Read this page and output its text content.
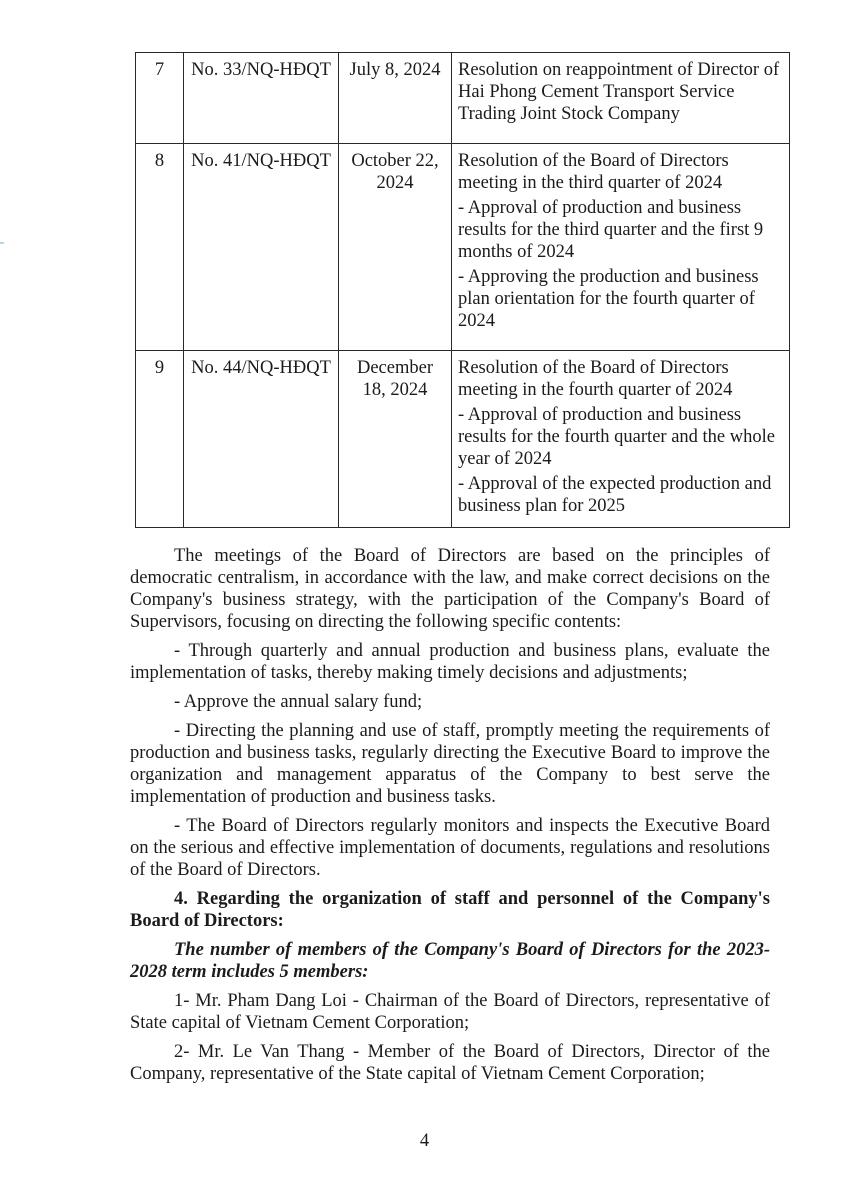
7	No. 33/NQ-HĐQT	July 8, 2024	Resolution on reappointment of Director of Hai Phong Cement Transport Service Trading Joint Stock Company

8	No. 41/NQ-HĐQT	October 22, 2024	Resolution of the Board of Directors meeting in the third quarter of 2024

- Approval of production and business results for the third quarter and the first 9 months of 2024

- Approving the production and business plan orientation for the fourth quarter of 2024

9	No. 44/NQ-HĐQT	December 18, 2024	Resolution of the Board of Directors meeting in the fourth quarter of 2024

- Approval of production and business results for the fourth quarter and the whole year of 2024

- Approval of the expected production and business plan for 2025

The meetings of the Board of Directors are based on the principles of democratic centralism, in accordance with the law, and make correct decisions on the Company's business strategy, with the participation of the Company's Board of Supervisors, focusing on directing the following specific contents:

- Through quarterly and annual production and business plans, evaluate the implementation of tasks, thereby making timely decisions and adjustments;

- Approve the annual salary fund;

- Directing the planning and use of staff, promptly meeting the requirements of production and business tasks, regularly directing the Executive Board to improve the organization and management apparatus of the Company to best serve the implementation of production and business tasks.

- The Board of Directors regularly monitors and inspects the Executive Board on the serious and effective implementation of documents, regulations and resolutions of the Board of Directors.

4. Regarding the organization of staff and personnel of the Company's Board of Directors:

The number of members of the Company's Board of Directors for the 2023-2028 term includes 5 members:

1- Mr. Pham Dang Loi - Chairman of the Board of Directors, representative of State capital of Vietnam Cement Corporation;

2- Mr. Le Van Thang - Member of the Board of Directors, Director of the Company, representative of the State capital of Vietnam Cement Corporation;

4
